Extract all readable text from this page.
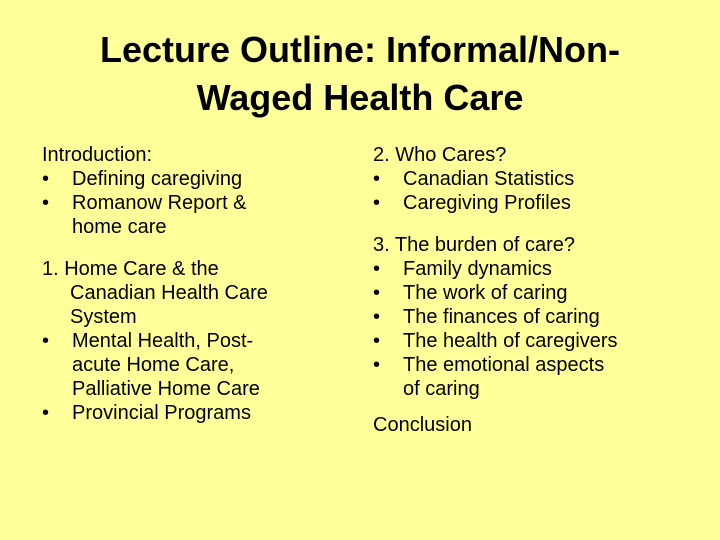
Lecture Outline: Informal/Non-
Waged Health Care
Introduction:
• Defining caregiving
• Romanow Report &
home care
1. Home Care & the
Canadian Health Care
System
• Mental Health, Post-
acute Home Care,
Palliative Home Care
• Provincial Programs
2. Who Cares?
• Canadian Statistics
• Caregiving Profiles
3. The burden of care?
• Family dynamics
• The work of caring
• The finances of caring
• The health of caregivers
• The emotional aspects
of caring
Conclusion
